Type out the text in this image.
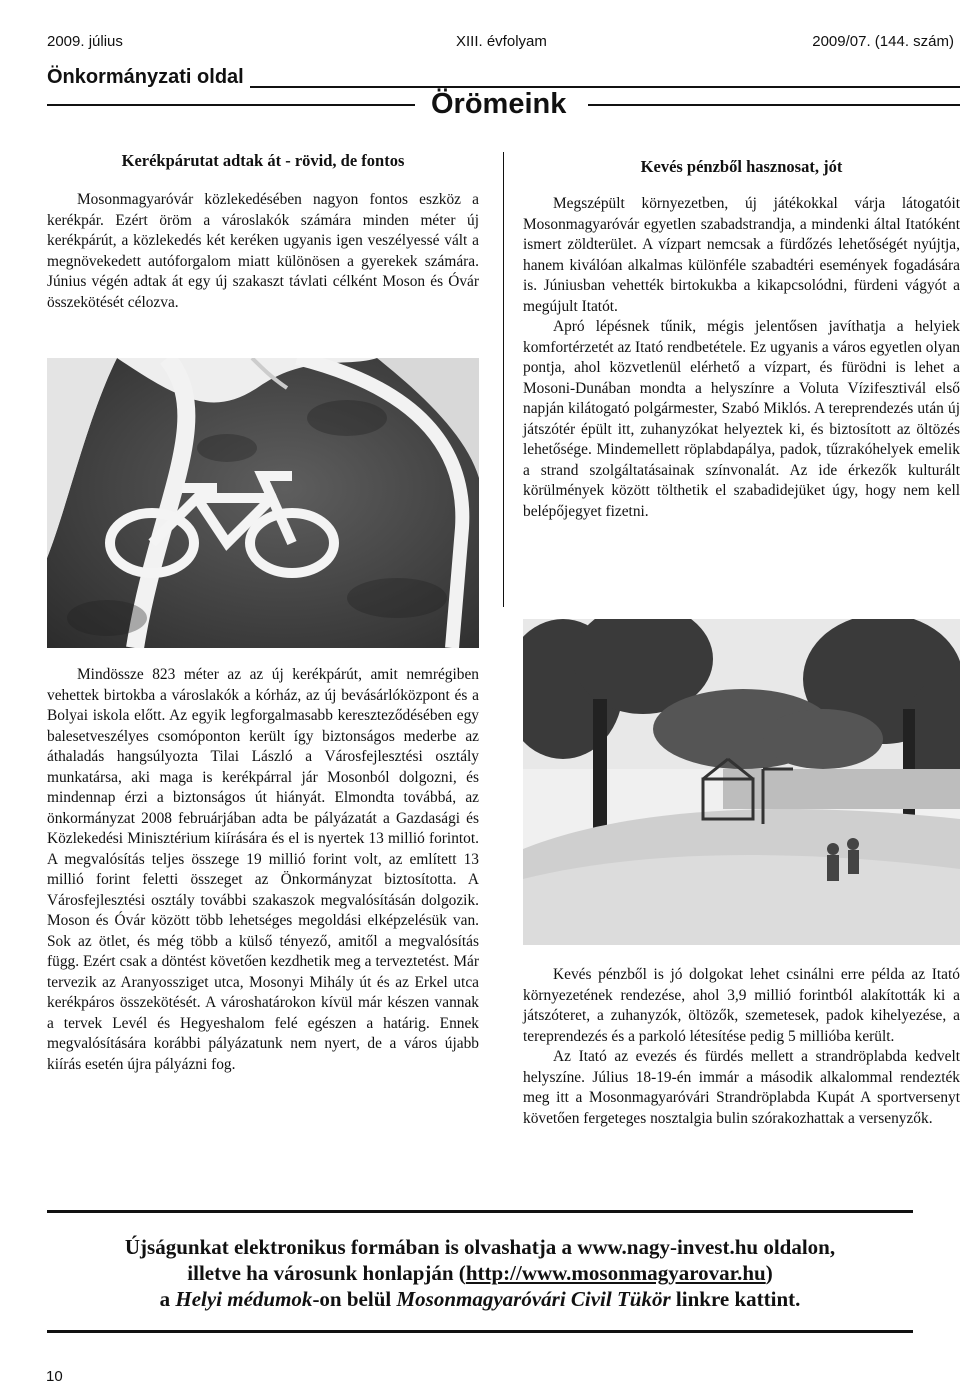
2009. július	XIII. évfolyam	2009/07. (144. szám)
Önkormányzati oldal
Örömeink
Kerékpárutat adtak át - rövid, de fontos

Mosonmagyaróvár közlekedésében nagyon fontos eszköz a kerékpár. Ezért öröm a városlakók számára minden méter új kerékpárút, a közlekedés két keréken ugyanis igen veszélyessé vált a megnövekedett autóforgalom miatt különösen a gyerekek számára. Június végén adtak át egy új szakaszt távlati célként Moson és Óvár összekötését célozva.

Mindössze 823 méter az az új kerékpárút, amit nemrégiben vehettek birtokba a városlakók a kórház, az új bevásárlóközpont és a Bolyai iskola előtt. Az egyik legforgalmasabb kereszteződésében egy balesetveszélyes csomóponton került így biztonságos mederbe az áthaladás hangsúlyozta Tilai László a Városfejlesztési osztály munkatársa, aki maga is kerékpárral jár Mosonból dolgozni, és mindennap érzi a biztonságos út hiányát. Elmondta továbbá, az önkormányzat 2008 februárjában adta be pályázatát a Gazdasági és Közlekedési Minisztérium kiírására és el is nyertek 13 millió forintot. A megvalósítás teljes összege 19 millió forint volt, az említett 13 millió forint feletti összeget az Önkormányzat biztosította. A Városfejlesztési osztály további szakaszok megvalósításán dolgozik. Moson és Óvár között több lehetséges megoldási elképzelésük van. Sok az ötlet, és még több a külső tényező, amitől a megvalósítás függ. Ezért csak a döntést követően kezdhetik meg a terveztetést. Már tervezik az Aranyossziget utca, Mosonyi Mihály út és az Erkel utca kerékpáros összekötését. A városhatárokon kívül már készen vannak a tervek Levél és Hegyeshalom felé egészen a határig. Ennek megvalósítására korábbi pályázatunk nem nyert, de a város újabb kiírás esetén újra pályázni fog.

Kevés pénzből hasznosat, jót

Megszépült környezetben, új játékokkal várja látogatóit Mosonmagyaróvár egyetlen szabadstrandja, a mindenki által Itatóként ismert zöldterület. A vízpart nemcsak a fürdőzés lehetőségét nyújtja, hanem kiválóan alkalmas különféle szabadtéri események fogadására is. Júniusban vehették birtokukba a kikapcsolódni, fürdeni vágyót a megújult Itatót.

Apró lépésnek tűnik, mégis jelentősen javíthatja a helyiek komfortérzetét az Itató rendbetétele. Ez ugyanis a város egyetlen olyan pontja, ahol közvetlenül elérhető a vízpart, és fürödni is lehet a Mosoni-Dunában mondta a helyszínre a Voluta Vízifesztivál első napján kilátogató polgármester, Szabó Miklós. A tereprendezés után új játszótér épült itt, zuhanyzókat helyeztek ki, és biztosított az öltözés lehetősége. Mindemellett röplabdapálya, padok, tűzrakóhelyek emelik a strand szolgáltatásainak színvonalát. Az ide érkezők kulturált körülmények között tölthetik el szabadidejüket úgy, hogy nem kell belépőjegyet fizetni.

Kevés pénzből is jó dolgokat lehet csinálni erre példa az Itató környezetének rendezése, ahol 3,9 millió forintból alakították ki a játszóteret, a zuhanyzók, öltözők, szemetesek, padok kihelyezése, a tereprendezés és a parkoló létesítése pedig 5 millióba került.

Az Itató az evezés és fürdés mellett a strandröplabda kedvelt helyszíne. Július 18-19-én immár a második alkalommal rendezték meg itt a Mosonmagyaróvári Strandröplabda Kupát A sportversenyt követően fergeteges nosztalgia bulin szórakozhattak a versenyzők.

Újságunkat elektronikus formában is olvashatja a www.nagy-invest.hu oldalon,
illetve ha városunk honlapján (http://www.mosonmagyarovar.hu)
a Helyi médumok-on belül Mosonmagyaróvári Civil Tükör linkre kattint.
10
